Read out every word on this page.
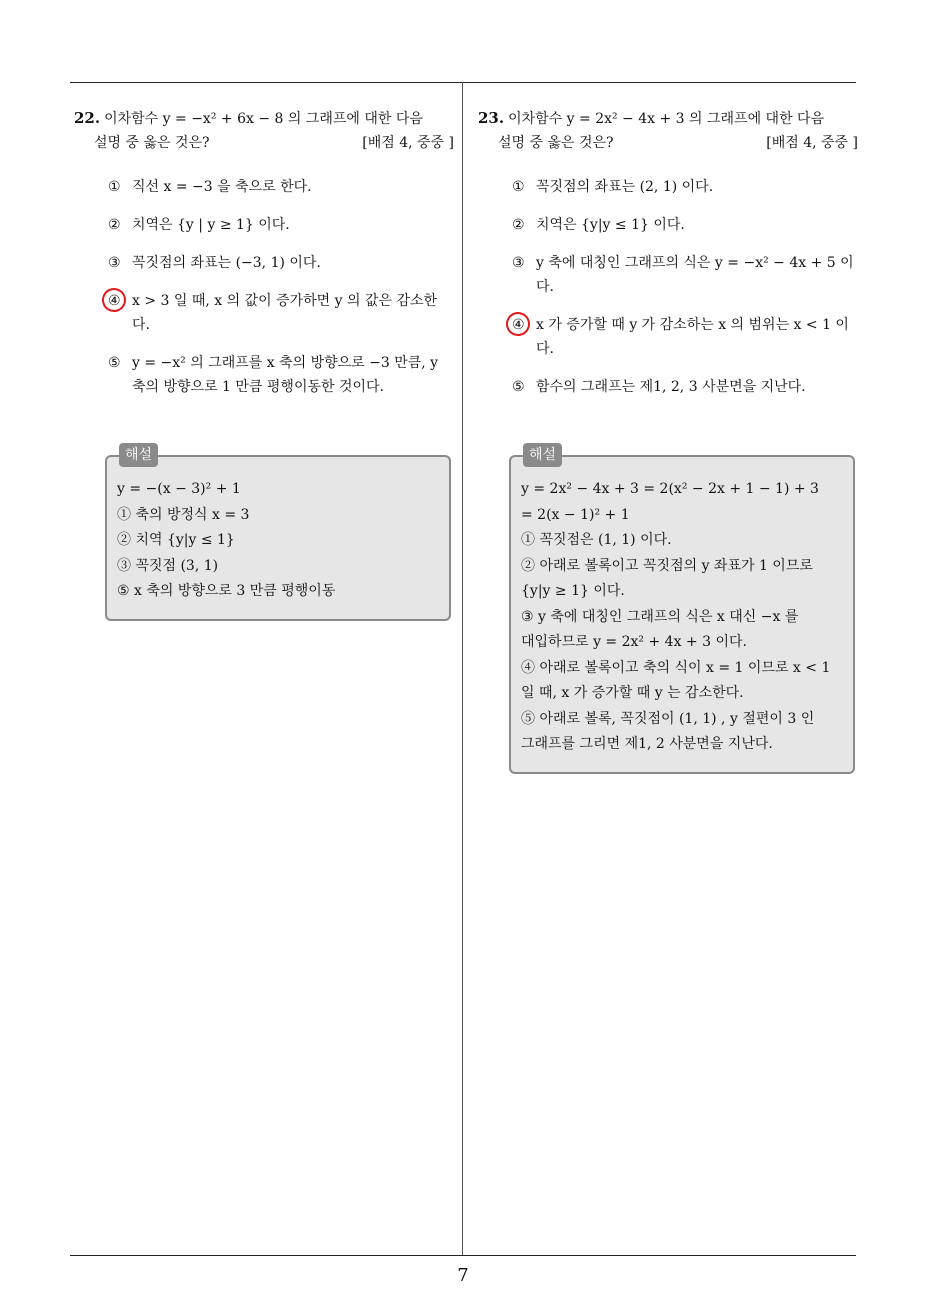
22. 이차함수 y = −x² + 6x − 8 의 그래프에 대한 다음
설명 중 옳은 것은?	[배점 4, 중중 ]
① 직선 x = −3 을 축으로 한다.
② 치역은 {y | y ≥ 1} 이다.
③ 꼭짓점의 좌표는 (−3, 1) 이다.
④ x > 3 일 때, x 의 값이 증가하면 y 의 값은 감소한다.
⑤ y = −x² 의 그래프를 x 축의 방향으로 −3 만큼, y 축의 방향으로 1 만큼 평행이동한 것이다.
해설
y = −(x − 3)² + 1
① 축의 방정식 x = 3
② 치역 {y|y ≤ 1}
③ 꼭짓점 (3, 1)
⑤ x 축의 방향으로 3 만큼 평행이동
23. 이차함수 y = 2x² − 4x + 3 의 그래프에 대한 다음
설명 중 옳은 것은?	[배점 4, 중중 ]
① 꼭짓점의 좌표는 (2, 1) 이다.
② 치역은 {y|y ≤ 1} 이다.
③ y 축에 대칭인 그래프의 식은 y = −x² − 4x + 5 이다.
④ x 가 증가할 때 y 가 감소하는 x 의 범위는 x < 1 이다.
⑤ 함수의 그래프는 제1, 2, 3 사분면을 지난다.
해설
y = 2x² − 4x + 3 = 2(x² − 2x + 1 − 1) + 3
= 2(x − 1)² + 1
① 꼭짓점은 (1, 1) 이다.
② 아래로 볼록이고 꼭짓점의 y 좌표가 1 이므로
{y|y ≥ 1} 이다.
③ y 축에 대칭인 그래프의 식은 x 대신 −x 를
대입하므로 y = 2x² + 4x + 3 이다.
④ 아래로 볼록이고 축의 식이 x = 1 이므로 x < 1
일 때, x 가 증가할 때 y 는 감소한다.
⑤ 아래로 볼록, 꼭짓점이 (1, 1) , y 절편이 3 인
그래프를 그리면 제1, 2 사분면을 지난다.
7
